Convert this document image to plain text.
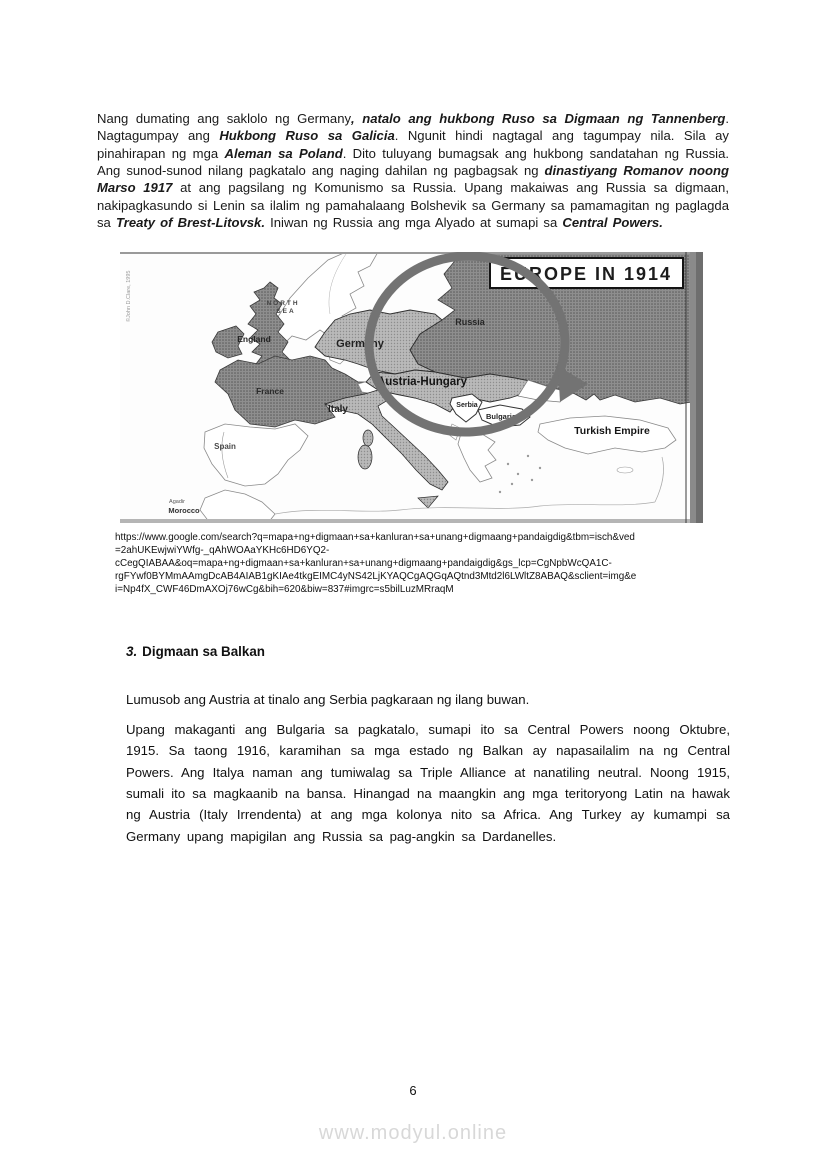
Nang dumating ang saklolo ng Germany, natalo ang hukbong Ruso sa Digmaan ng Tannenberg. Nagtagumpay ang Hukbong Ruso sa Galicia. Ngunit hindi nagtagal ang tagumpay nila. Sila ay pinahirapan ng mga Aleman sa Poland. Dito tuluyang bumagsak ang hukbong sandatahan ng Russia. Ang sunod-sunod nilang pagkatalo ang naging dahilan ng pagbagsak ng dinastiyang Romanov noong Marso 1917 at ang pagsilang ng Komunismo sa Russia. Upang makaiwas ang Russia sa digmaan, nakipagkasundo si Lenin sa ilalim ng pamahalaang Bolshevik sa Germany sa pamamagitan ng paglagda sa Treaty of Brest-Litovsk. Iniwan ng Russia ang mga Alyado at sumapi sa Central Powers.

EUROPE IN 1914
NORTH
SEA
England
France
Germany
Russia
Austria-Hungary
Italy	Serbia
Bulgaria
Turkish Empire
Spain
Agadir
Morocco
©John D.Clare, 1995
https://www.google.com/search?q=mapa+ng+digmaan+sa+kanluran+sa+unang+digmaang+pandaigdig&tbm=isch&ved
=2ahUKEwjwiYWfg-_qAhWOAaYKHc6HD6YQ2-
cCegQIABAA&oq=mapa+ng+digmaan+sa+kanluran+sa+unang+digmaang+pandaigdig&gs_lcp=CgNpbWcQA1C-
rgFYwf0BYMmAAmgDcAB4AIAB1gKIAe4tkgEIMC4yNS42LjKYAQCgAQGqAQtnd3Mtd2l6LWltZ8ABAQ&sclient=img&e
i=Np4fX_CWF46DmAXOj76wCg&bih=620&biw=837#imgrc=s5bilLuzMRraqM
3. Digmaan sa Balkan

Lumusob ang Austria at tinalo ang Serbia pagkaraan ng ilang buwan.

Upang makaganti ang Bulgaria sa pagkatalo, sumapi ito sa Central Powers noong Oktubre, 1915. Sa taong 1916, karamihan sa mga estado ng Balkan ay napasailalim na ng Central Powers. Ang Italya naman ang tumiwalag sa Triple Alliance at nanatiling neutral. Noong 1915, sumali ito sa magkaanib na bansa. Hinangad na maangkin ang mga teritoryong Latin na hawak ng Austria (Italy Irrendenta) at ang mga kolonya nito sa Africa. Ang Turkey ay kumampi sa Germany upang mapigilan ang Russia sa pag-angkin sa Dardanelles.

6
www.modyul.online
